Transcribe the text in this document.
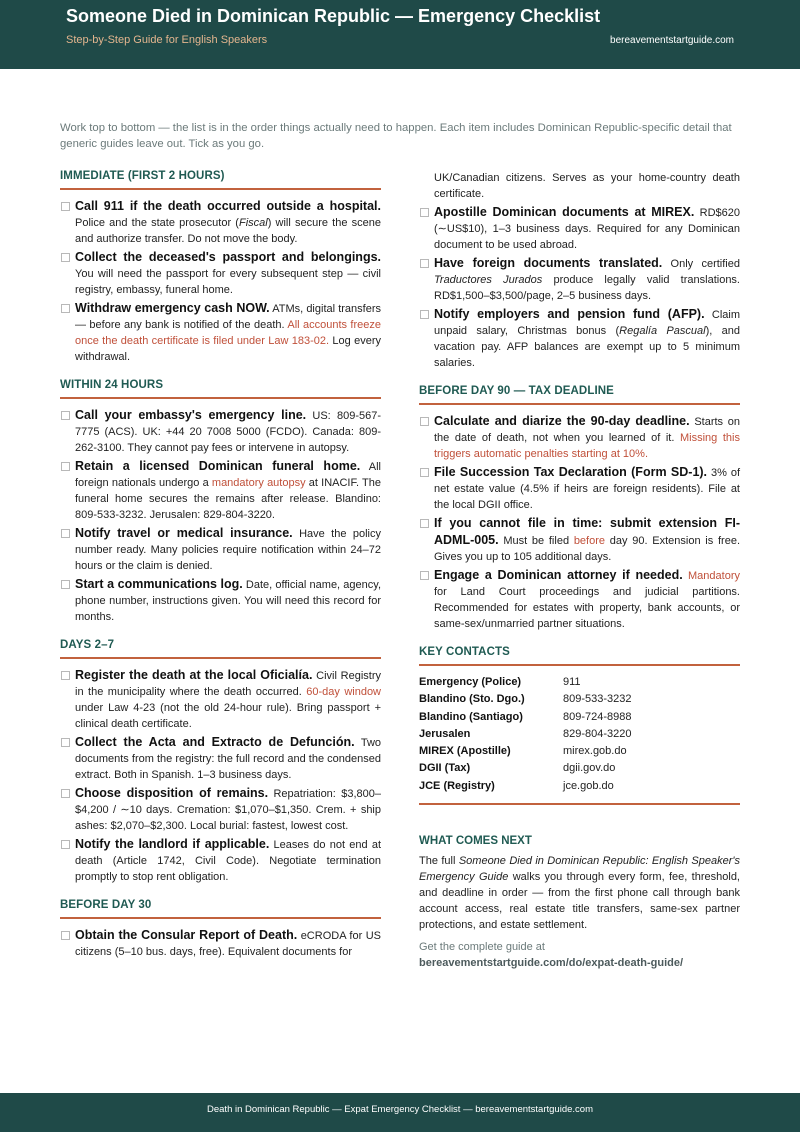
Someone Died in Dominican Republic — Emergency Checklist
Step-by-Step Guide for English Speakers	bereavementstartguide.com
Work top to bottom — the list is in the order things actually need to happen. Each item includes Dominican Republic-specific detail that generic guides leave out. Tick as you go.
IMMEDIATE (FIRST 2 HOURS)
Call 911 if the death occurred outside a hospital. Police and the state prosecutor (Fiscal) will secure the scene and authorize transfer. Do not move the body.
Collect the deceased's passport and belongings. You will need the passport for every subsequent step — civil registry, embassy, funeral home.
Withdraw emergency cash NOW. ATMs, digital transfers — before any bank is notified of the death. All accounts freeze once the death certificate is filed under Law 183-02. Log every withdrawal.
WITHIN 24 HOURS
Call your embassy's emergency line. US: 809-567-7775 (ACS). UK: +44 20 7008 5000 (FCDO). Canada: 809-262-3100. They cannot pay fees or intervene in autopsy.
Retain a licensed Dominican funeral home. All foreign nationals undergo a mandatory autopsy at INACIF. The funeral home secures the remains after release. Blandino: 809-533-3232. Jerusalen: 829-804-3220.
Notify travel or medical insurance. Have the policy number ready. Many policies require notification within 24–72 hours or the claim is denied.
Start a communications log. Date, official name, agency, phone number, instructions given. You will need this record for months.
DAYS 2–7
Register the death at the local Oficialía. Civil Registry in the municipality where the death occurred. 60-day window under Law 4-23 (not the old 24-hour rule). Bring passport + clinical death certificate.
Collect the Acta and Extracto de Defunción. Two documents from the registry: the full record and the condensed extract. Both in Spanish. 1–3 business days.
Choose disposition of remains. Repatriation: $3,800–$4,200 / ∼10 days. Cremation: $1,070–$1,350. Crem. + ship ashes: $2,070–$2,300. Local burial: fastest, lowest cost.
Notify the landlord if applicable. Leases do not end at death (Article 1742, Civil Code). Negotiate termination promptly to stop rent obligation.
BEFORE DAY 30
Obtain the Consular Report of Death. eCRODA for US citizens (5–10 bus. days, free). Equivalent documents for
UK/Canadian citizens. Serves as your home-country death certificate.
Apostille Dominican documents at MIREX. RD$620 (∼US$10), 1–3 business days. Required for any Dominican document to be used abroad.
Have foreign documents translated. Only certified Traductores Jurados produce legally valid translations. RD$1,500–$3,500/page, 2–5 business days.
Notify employers and pension fund (AFP). Claim unpaid salary, Christmas bonus (Regalía Pascual), and vacation pay. AFP balances are exempt up to 5 minimum salaries.
BEFORE DAY 90 — TAX DEADLINE
Calculate and diarize the 90-day deadline. Starts on the date of death, not when you learned of it. Missing this triggers automatic penalties starting at 10%.
File Succession Tax Declaration (Form SD-1). 3% of net estate value (4.5% if heirs are foreign residents). File at the local DGII office.
If you cannot file in time: submit extension FI-ADML-005. Must be filed before day 90. Extension is free. Gives you up to 105 additional days.
Engage a Dominican attorney if needed. Mandatory for Land Court proceedings and judicial partitions. Recommended for estates with property, bank accounts, or same-sex/unmarried partner situations.
KEY CONTACTS
Emergency (Police)	911
Blandino (Sto. Dgo.)	809-533-3232
Blandino (Santiago)	809-724-8988
Jerusalen	829-804-3220
MIREX (Apostille)	mirex.gob.do
DGII (Tax)	dgii.gov.do
JCE (Registry)	jce.gob.do
WHAT COMES NEXT
The full Someone Died in Dominican Republic: English Speaker's Emergency Guide walks you through every form, fee, threshold, and deadline in order — from the first phone call through bank account access, real estate title transfers, same-sex partner protections, and estate settlement.
Get the complete guide at
bereavementstartguide.com/do/expat-death-guide/
Death in Dominican Republic — Expat Emergency Checklist — bereavementstartguide.com
